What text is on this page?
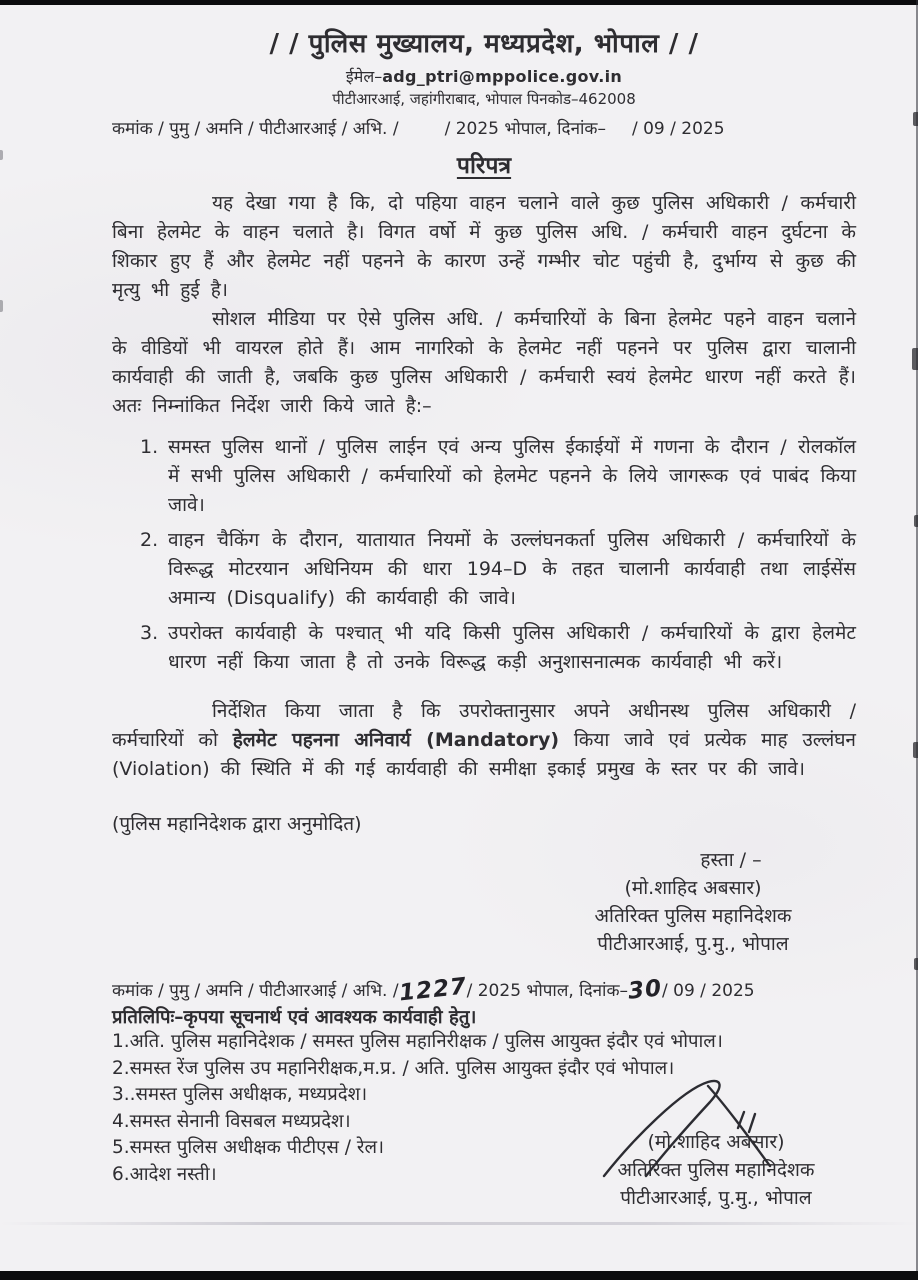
/ / पुलिस मुख्यालय, मध्यप्रदेश, भोपाल / /
ईमेल–adg_ptri@mppolice.gov.in
पीटीआरआई, जहांगीराबाद, भोपाल पिनकोड–462008
कमांक / पुमु / अमनि / पीटीआरआई / अभि. /	/ 2025 भोपाल, दिनांक– / 09 / 2025
परिपत्र

यह देखा गया है कि, दो पहिया वाहन चलाने वाले कुछ पुलिस अधिकारी / कर्मचारी बिना हेलमेट के वाहन चलाते है। विगत वर्षो में कुछ पुलिस अधि. / कर्मचारी वाहन दुर्घटना के शिकार हुए हैं और हेलमेट नहीं पहनने के कारण उन्हें गम्भीर चोट पहुंची है, दुर्भाग्य से कुछ की मृत्यु भी हुई है।

सोशल मीडिया पर ऐसे पुलिस अधि. / कर्मचारियों के बिना हेलमेट पहने वाहन चलाने के वीडियों भी वायरल होते हैं। आम नागरिको के हेलमेट नहीं पहनने पर पुलिस द्वारा चालानी कार्यवाही की जाती है, जबकि कुछ पुलिस अधिकारी / कर्मचारी स्वयं हेलमेट धारण नहीं करते हैं। अतः निम्नांकित निर्देश जारी किये जाते है:–

1. समस्त पुलिस थानों / पुलिस लाईन एवं अन्य पुलिस ईकाईयों में गणना के दौरान / रोलकॉल में सभी पुलिस अधिकारी / कर्मचारियों को हेलमेट पहनने के लिये जागरूक एवं पाबंद किया जावे।
2. वाहन चैकिंग के दौरान, यातायात नियमों के उल्लंघनकर्ता पुलिस अधिकारी / कर्मचारियों के विरूद्ध मोटरयान अधिनियम की धारा 194–D के तहत चालानी कार्यवाही तथा लाईसेंस अमान्य (Disqualify) की कार्यवाही की जावे।
3. उपरोक्त कार्यवाही के पश्चात् भी यदि किसी पुलिस अधिकारी / कर्मचारियों के द्वारा हेलमेट धारण नहीं किया जाता है तो उनके विरूद्ध कड़ी अनुशासनात्मक कार्यवाही भी करें।

निर्देशित किया जाता है कि उपरोक्तानुसार अपने अधीनस्थ पुलिस अधिकारी / कर्मचारियों को हेलमेट पहनना अनिवार्य (Mandatory) किया जावे एवं प्रत्येक माह उल्लंघन (Violation) की स्थिति में की गई कार्यवाही की समीक्षा इकाई प्रमुख के स्तर पर की जावे।

(पुलिस महानिदेशक द्वारा अनुमोदित)
हस्ता / –
(मो.शाहिद अबसार)
अतिरिक्त पुलिस महानिदेशक
पीटीआरआई, पु.मु., भोपाल
कमांक / पुमु / अमनि / पीटीआरआई / अभि. /1227/ 2025 भोपाल, दिनांक–30/ 09 / 2025
प्रतिलिपिः–कृपया सूचनार्थ एवं आवश्यक कार्यवाही हेतु।
1.अति. पुलिस महानिदेशक / समस्त पुलिस महानिरीक्षक / पुलिस आयुक्त इंदौर एवं भोपाल।
2.समस्त रेंज पुलिस उप महानिरीक्षक,म.प्र. / अति. पुलिस आयुक्त इंदौर एवं भोपाल।
3..समस्त पुलिस अधीक्षक, मध्यप्रदेश।
4.समस्त सेनानी विसबल मध्यप्रदेश।
5.समस्त पुलिस अधीक्षक पीटीएस / रेल।
6.आदेश नस्ती।
(मो.शाहिद अबसार)
अतिरिक्त पुलिस महानिदेशक
पीटीआरआई, पु.मु., भोपाल
